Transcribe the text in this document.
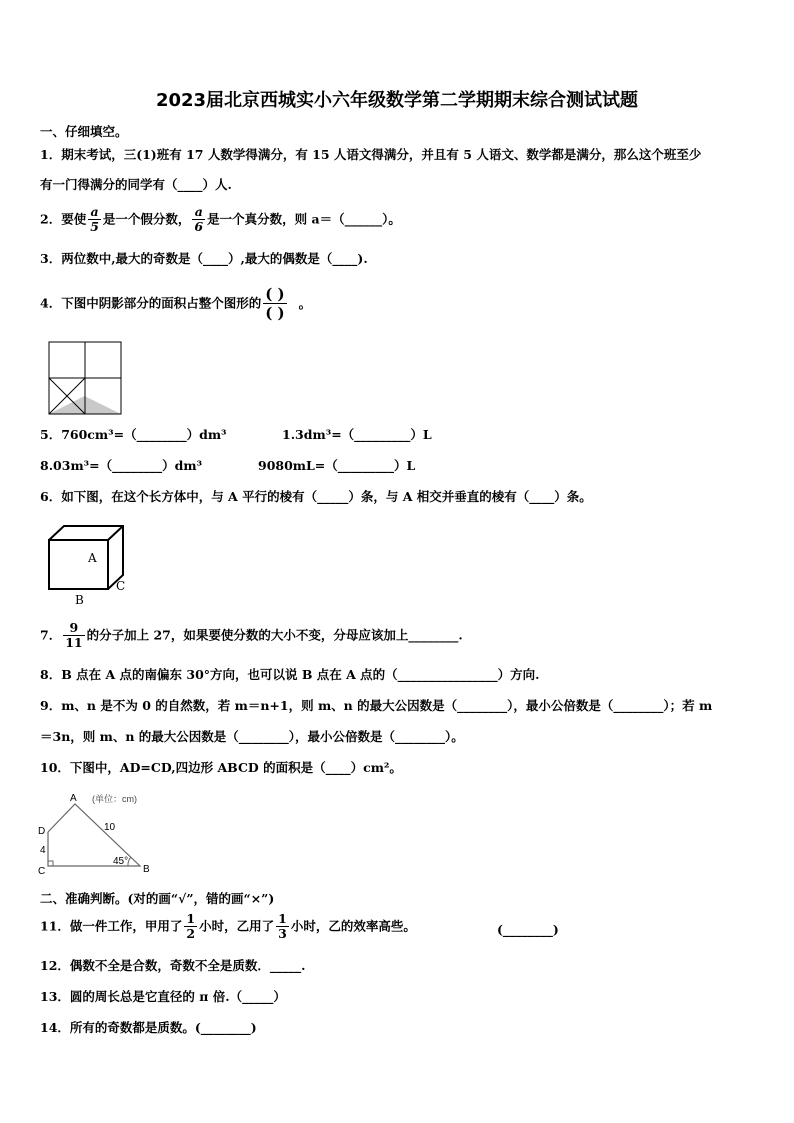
2023届北京西城实小六年级数学第二学期期末综合测试试题
一、仔细填空。
1．期末考试，三(1)班有 17 人数学得满分，有 15 人语文得满分，并且有 5 人语文、数学都是满分，那么这个班至少
有一门得满分的同学有（____）人.
2．要使 $\frac{a}{5}$ 是一个假分数， $\frac{a}{6}$ 是一个真分数，则 a＝（______）。
3．两位数中,最大的奇数是（____）,最大的偶数是（____).
4．下图中阴影部分的面积占整个图形的 $\frac{( )}{( )}$ 。
5．760cm³=（________）dm³	1.3dm³=（_________）L
8.03m³=（________）dm³	9080mL=（_________）L
6．如下图，在这个长方体中，与 A 平行的棱有（_____）条，与 A 相交并垂直的棱有（____）条。
A
C
B
7． $\frac{9}{11}$ 的分子加上 27，如果要使分数的大小不变，分母应该加上________.
8．B 点在 A 点的南偏东 30°方向，也可以说 B 点在 A 点的（________________）方向.
9．m、n 是不为 0 的自然数，若 m＝n+1，则 m、n 的最大公因数是（________），最小公倍数是（________）；若 m
＝3n，则 m、n 的最大公因数是（________），最小公倍数是（________）。
10．下图中，AD=CD,四边形 ABCD 的面积是（____）cm²。
A (单位：cm)
D	10
4
45°
C	B
二、准确判断。(对的画“√”，错的画“×”)
11．做一件工作，甲用了 $\frac{1}{2}$ 小时，乙用了 $\frac{1}{3}$ 小时，乙的效率高些。	(________)
12．偶数不全是合数，奇数不全是质数．_____.
13．圆的周长总是它直径的 π 倍.（_____）
14．所有的奇数都是质数。(________)
